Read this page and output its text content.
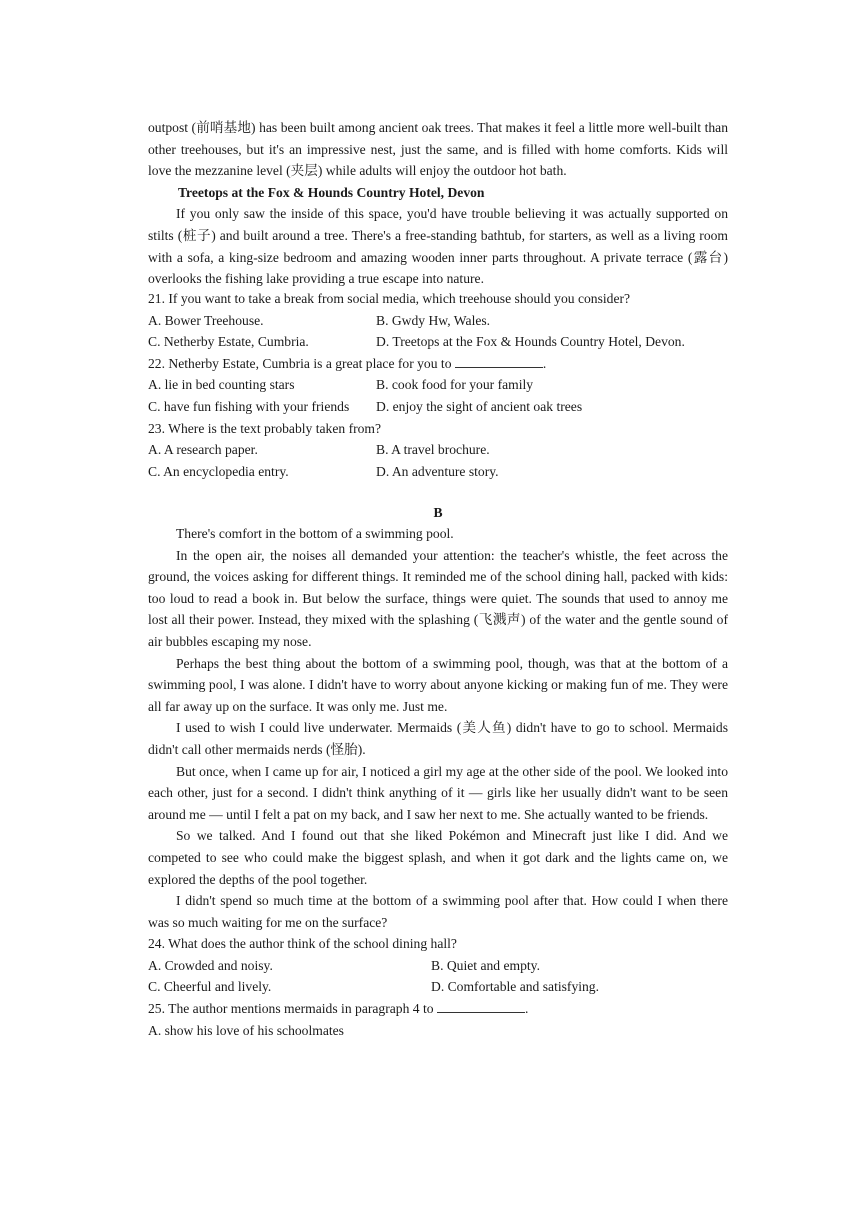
outpost (前哨基地) has been built among ancient oak trees. That makes it feel a little more well-built than other treehouses, but it's an impressive nest, just the same, and is filled with home comforts. Kids will love the mezzanine level (夹层) while adults will enjoy the outdoor hot bath.

Treetops at the Fox & Hounds Country Hotel, Devon

If you only saw the inside of this space, you'd have trouble believing it was actually supported on stilts (桩子) and built around a tree. There's a free-standing bathtub, for starters, as well as a living room with a sofa, a king-size bedroom and amazing wooden inner parts throughout. A private terrace (露台) overlooks the fishing lake providing a true escape into nature.

21. If you want to take a break from social media, which treehouse should you consider?

A. Bower Treehouse.	B. Gwdy Hw, Wales.
C. Netherby Estate, Cumbria.	D. Treetops at the Fox & Hounds Country Hotel, Devon.

22. Netherby Estate, Cumbria is a great place for you to	.

A. lie in bed counting stars	B. cook food for your family
C. have fun fishing with your friends	D. enjoy the sight of ancient oak trees

23. Where is the text probably taken from?

A. A research paper.	B. A travel brochure.
C. An encyclopedia entry.	D. An adventure story.

B

There's comfort in the bottom of a swimming pool.

In the open air, the noises all demanded your attention: the teacher's whistle, the feet across the ground, the voices asking for different things. It reminded me of the school dining hall, packed with kids: too loud to read a book in. But below the surface, things were quiet. The sounds that used to annoy me lost all their power. Instead, they mixed with the splashing (飞溅声) of the water and the gentle sound of air bubbles escaping my nose.

Perhaps the best thing about the bottom of a swimming pool, though, was that at the bottom of a swimming pool, I was alone. I didn't have to worry about anyone kicking or making fun of me. They were all far away up on the surface. It was only me. Just me.

I used to wish I could live underwater. Mermaids (美人鱼) didn't have to go to school. Mermaids didn't call other mermaids nerds (怪胎).

But once, when I came up for air, I noticed a girl my age at the other side of the pool. We looked into each other, just for a second. I didn't think anything of it — girls like her usually didn't want to be seen around me — until I felt a pat on my back, and I saw her next to me. She actually wanted to be friends.

So we talked. And I found out that she liked Pokémon and Minecraft just like I did. And we competed to see who could make the biggest splash, and when it got dark and the lights came on, we explored the depths of the pool together.

I didn't spend so much time at the bottom of a swimming pool after that. How could I when there was so much waiting for me on the surface?

24. What does the author think of the school dining hall?

A. Crowded and noisy.	B. Quiet and empty.
C. Cheerful and lively.	D. Comfortable and satisfying.

25. The author mentions mermaids in paragraph 4 to	.

A. show his love of his schoolmates
